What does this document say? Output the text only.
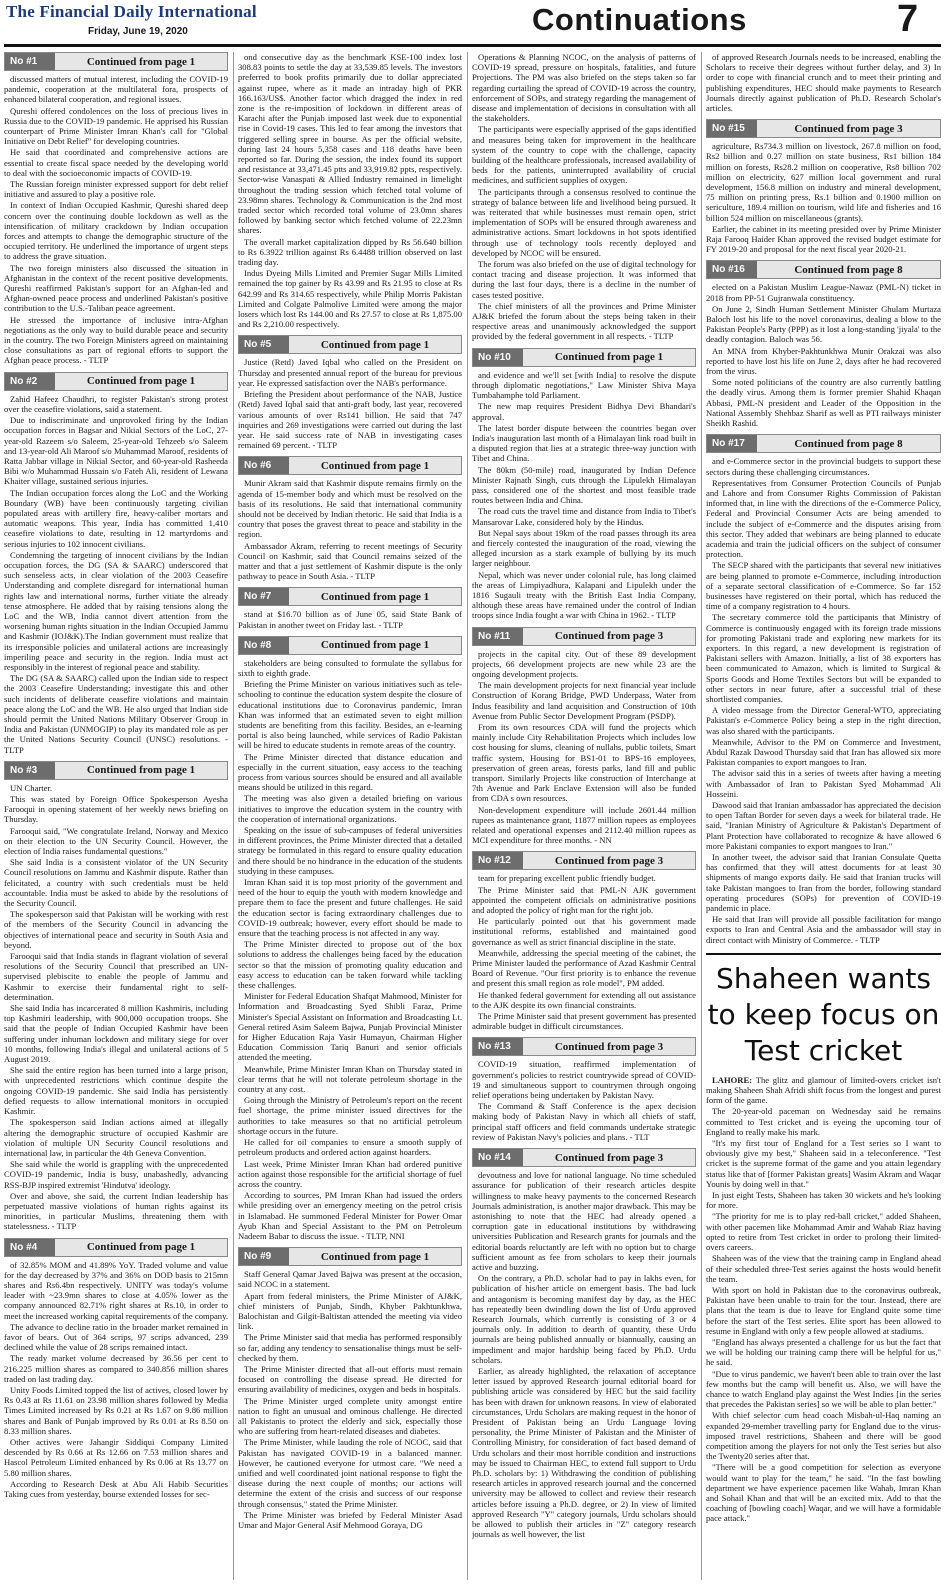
The Financial Daily International
Friday, June 19, 2020	Continuations	7
No #1	Continued from page 1

discussed matters of mutual interest, including the COVID-19 pandemic, cooperation at the multilateral fora, prospects of enhanced bilateral cooperation, and regional issues.

Qureshi offered condolences on the loss of precious lives in Russia due to the COVID-19 pandemic. He apprised his Russian counterpart of Prime Minister Imran Khan's call for "Global Initiative on Debt Relief" for developing countries.

He said that coordinated and comprehensive actions are essential to create fiscal space needed by the developing world to deal with the socioeconomic impacts of COVID-19.

The Russian foreign minister expressed support for debt relief initiative and assured to play a positive role.

In context of Indian Occupied Kashmir, Qureshi shared deep concern over the continuing double lockdown as well as the intensification of military crackdown by Indian occupation forces and attempts to change the demographic structure of the occupied territory. He underlined the importance of urgent steps to address the grave situation.

The two foreign ministers also discussed the situation in Afghanistan in the context of the recent positive developments. Qureshi reaffirmed Pakistan's support for an Afghan-led and Afghan-owned peace process and underlined Pakistan's positive contribution to the U.S.-Taliban peace agreement.

He stressed the importance of inclusive intra-Afghan negotiations as the only way to build durable peace and security in the country. The two Foreign Ministers agreed on maintaining close consultations as part of regional efforts to support the Afghan peace process. - TLTP

No #2	Continued from page 1

Zahid Hafeez Chaudhri, to register Pakistan's strong protest over the ceasefire violations, said a statement.

Due to indiscriminate and unprovoked firing by the Indian occupation forces in Bagsar and Nikial Sectors of the LoC, 27-year-old Razeem s/o Saleem, 25-year-old Tehzeeb s/o Saleem and 13-year-old Ali Maroof s/o Muhammad Maroof, residents of Ratta Jabbar village in Nikial Sector, and 60-year-old Rasheeda Bibi w/o Muhammad Hussain s/o Fateh Ali, resident of Lewana Khaiter village, sustained serious injuries.

The Indian occupation forces along the LoC and the Working Boundary (WB) have been continuously targeting civilian populated areas with artillery fire, heavy-caliber mortars and automatic weapons. This year, India has committed 1,410 ceasefire violations to date, resulting in 12 martyrdoms and serious injuries to 102 innocent civilians.

Condemning the targeting of innocent civilians by the Indian occupation forces, the DG (SA & SAARC) underscored that such senseless acts, in clear violation of the 2003 Ceasefire Understanding and complete disregard for international human rights law and international norms, further vitiate the already tense atmosphere. He added that by raising tensions along the LoC and the WB, India cannot divert attention from the worsening human rights situation in the Indian Occupied Jammu and Kashmir (IOJ&K).The Indian government must realize that its irresponsible policies and unilateral actions are increasingly imperiling peace and security in the region. India must act responsibly in the interest of regional peace and stability.

The DG (SA & SAARC) called upon the Indian side to respect the 2003 Ceasefire Understanding; investigate this and other such incidents of deliberate ceasefire violations and maintain peace along the LoC and the WB. He also urged that Indian side should permit the United Nations Military Observer Group in India and Pakistan (UNMOGIP) to play its mandated role as per the United Nations Security Council (UNSC) resolutions. - TLTP

No #3	Continued from page 1

UN Charter.

This was stated by Foreign Office Spokesperson Ayesha Farooqui in opening statement of her weekly news briefing on Thursday.

Farooqui said, "We congratulate Ireland, Norway and Mexico on their election to the UN Security Council. However, the election of India raises fundamental questions."

She said India is a consistent violator of the UN Security Council resolutions on Jammu and Kashmir dispute. Rather than felicitated, a country with such credentials must be held accountable. India must be asked to abide by the resolutions of the Security Council.

The spokesperson said that Pakistan will be working with rest of the members of the Security Council in advancing the objectives of international peace and security in South Asia and beyond.

Farooqui said that India stands in flagrant violation of several resolutions of the Security Council that prescribed an UN-supervised plebiscite to enable the people of Jammu and Kashmir to exercise their fundamental right to self-determination.

She said India has incarcerated 8 million Kashmiris, including top Kashmiri leadership, with 900,000 occupation troops. She said that the people of Indian Occupied Kashmir have been suffering under inhuman lockdown and military siege for over 10 months, following India's illegal and unilateral actions of 5 August 2019.

She said the entire region has been turned into a large prison, with unprecedented restrictions which continue despite the ongoing COVID-19 pandemic. She said India has persistently defied requests to allow international monitors in occupied Kashmir.

The spokesperson said Indian actions aimed at illegally altering the demographic structure of occupied Kashmir are violation of multiple UN Security Council resolutions and international law, in particular the 4th Geneva Convention.

She said while the world is grappling with the unprecedented COVID-19 pandemic, India is busy, unabashedly, advancing RSS-BJP inspired extremist 'Hindutva' ideology.

Over and above, she said, the current Indian leadership has perpetuated massive violations of human rights against its minorities, in particular Muslims, threatening them with statelessness. - TLTP

No #4	Continued from page 1

of 32.85% MOM and 41.89% YoY. Traded volume and value for the day decreased by 37% and 36% on DOD basis to 215mn shares and Rs6.4bn respectively. UNITY was today's volume leader with ~23.9mn shares to close at 4.05% lower as the company announced 82.71% right shares at Rs.10, in order to meet the increased working capital requirements of the company.

The advance to decline ratio in the broader market remained in favor of bears. Out of 364 scrips, 97 scrips advanced, 239 declined while the value of 28 scrips remained intact.

The ready market volume decreased by 36.56 per cent to 216.225 million shares as compared to 340.856 million shares traded on last trading day.

Unity Foods Limited topped the list of actives, closed lower by Rs 0.43 at Rs 11.61 on 23.98 million shares followed by Media Times Limited increased by Rs 0.21 at Rs 1.67 on 9.86 million shares and Bank of Punjab improved by Rs 0.01 at Rs 8.50 on 8.33 million shares.

Other actives were Jahangir Siddiqui Company Limited descended by Rs 0.66 at Rs 12.66 on 7.53 million shares and Hascol Petroleum Limited enhanced by Rs 0.06 at Rs 13.77 on 5.80 million shares.

According to Research Desk at Abu Ali Habib Securities Taking cues from yesterday, bourse extended losses for sec-

ond consecutive day as the benchmark KSE-100 index lost 308.83 points to settle the day at 33,539.85 levels. The investors preferred to book profits primarily due to dollar appreciated against rupee, where as it made an intraday high of PKR 166.163/US$. Another factor which dragged the index in red zone is the re-imposition of lockdown in different areas of Karachi after the Punjab imposed last week due to exponential rise in Covid-19 cases. This led to fear among the investors that triggered selling spree in bourse. As per the official website, during last 24 hours 5,358 cases and 118 deaths have been reported so far. During the session, the index found its support and resistance at 33,471.45 ptts and 33,919.82 ppts, respectively. Sector-wise Vanaspati & Allied Industry remained in limelight throughout the trading session which fetched total volume of 23.98mn shares. Technology & Communication is the 2nd most traded sector which recorded total volume of 23.0mn shares followed by banking sector which fetched volume of 22.23mn shares.

The overall market capitalization dipped by Rs 56.640 billion to Rs 6.3922 trillion against Rs 6.4488 trillion observed on last trading day.

Indus Dyeing Mills Limited and Premier Sugar Mills Limited remained the top gainer by Rs 43.99 and Rs 21.95 to close at Rs 642.99 and Rs 314.65 respectively, while Philip Morris Pakistan Limited and Colgate Palmolive Limited were among the major losers which lost Rs 144.00 and Rs 27.57 to close at Rs 1,875.00 and Rs 2,210.00 respectively.

No #5	Continued from page 1

Justice (Retd) Javed Iqbal who called on the President on Thursday and presented annual report of the bureau for previous year. He expressed satisfaction over the NAB's performance.

Briefing the President about performance of the NAB, Justice (Retd) Javed Iqbal said that anti-graft body, last year, recovered various amounts of over Rs141 billion. He said that 747 inquiries and 269 investigations were carried out during the last year. He said success rate of NAB in investigating cases remained 69 percent. - TLTP

No #6	Continued from page 1

Munir Akram said that Kashmir dispute remains firmly on the agenda of 15-member body and which must be resolved on the basis of its resolutions. He said that international community should not be deceived by Indian rhetoric. He said that India is a country that poses the gravest threat to peace and stability in the region.

Ambassador Akram, referring to recent meetings of Security Council on Kashmir, said that Council remains seized of the matter and that a just settlement of Kashmir dispute is the only pathway to peace in South Asia. - TLTP

No #7	Continued from page 1

stand at $16.70 billion as of June 05, said State Bank of Pakistan in another tweet on Friday last. - TLTP

No #8	Continued from page 1

stakeholders are being consulted to formulate the syllabus for sixth to eighth grade.

Briefing the Prime Minister on various initiatives such as tele-schooling to continue the education system despite the closure of educational institutions due to Coronavirus pandemic, Imran Khan was informed that an estimated seven to eight million students are benefiting from this facility. Besides, an e-learning portal is also being launched, while services of Radio Pakistan will be hired to educate students in remote areas of the country.

The Prime Minister directed that distance education and especially in the current situation, easy access to the teaching process from various sources should be ensured and all available means should be utilized in this regard.

The meeting was also given a detailed briefing on various initiatives to improve the education system in the country with the cooperation of international organizations.

Speaking on the issue of sub-campuses of federal universities in different provinces, the Prime Minister directed that a detailed strategy be formulated in this regard to ensure quality education and there should be no hindrance in the education of the students studying in these campuses.

Imran Khan said it is top most priority of the government and need of the hour to equip the youth with modern knowledge and prepare them to face the present and future challenges. He said the education sector is facing extraordinary challenges due to COVID-19 outbreak; however, every effort should be made to ensure that the teaching process is not affected in any way.

The Prime Minister directed to propose out of the box solutions to address the challenges being faced by the education sector so that the mission of promoting quality education and easy access to education can be taken forward while tackling these challenges.

Minister for Federal Education Shafqat Mahmood, Minister for Information and Broadcasting Syed Shibli Faraz, Prime Minister's Special Assistant on Information and Broadcasting Lt. General retired Asim Saleem Bajwa, Punjab Provincial Minister for Higher Education Raja Yasir Humayun, Chairman Higher Education Commission Tariq Banuri and senior officials attended the meeting.

Meanwhile, Prime Minister Imran Khan on Thursday stated in clear terms that he will not tolerate petroleum shortage in the country at any cost.

Going through the Ministry of Petroleum's report on the recent fuel shortage, the prime minister issued directives for the authorities to take measures so that no artificial petroleum shortage occurs in the future.

He called for oil companies to ensure a smooth supply of petroleum products and ordered action against hoarders.

Last week, Prime Minister Imran Khan had ordered punitive action against those responsible for the artificial shortage of fuel across the country.

According to sources, PM Imran Khan had issued the orders while presiding over an emergency meeting on the petrol crisis in Islamabad. He summoned Federal Minister for Power Omar Ayub Khan and Special Assistant to the PM on Petroleum Nadeem Babar to discuss the issue. - TLTP, NNI

No #9	Continued from page 1

Staff General Qamar Javed Bajwa was present at the occasion, said NCOC in a statement.

Apart from federal ministers, the Prime Minister of AJ&K, chief ministers of Punjab, Sindh, Khyber Pakhtunkhwa, Balochistan and Gilgit-Baltistan attended the meeting via video link.

The Prime Minister said that media has performed responsibly so far, adding any tendency to sensationalise things must be self-checked by them.

The Prime Minister directed that all-out efforts must remain focused on controlling the disease spread. He directed for ensuring availability of medicines, oxygen and beds in hospitals.

The Prime Minister urged complete unity amongst entire nation to fight an unusual and ominous challenge. He directed all Pakistanis to protect the elderly and sick, especially those who are suffering from heart-related diseases and diabetes.

The Prime Minister, while lauding the role of NCOC, said that Pakistan has navigated COVID-19 in a balanced manner. However, he cautioned everyone for utmost care. "We need a unified and well coordinated joint national response to fight the disease during the next couple of months; our actions will determine the extent of the crisis and success of our response through consensus," stated the Prime Minister.

The Prime Minister was briefed by Federal Minister Asad Umar and Major General Asif Mehmood Goraya, DG

Operations & Planning NCOC, on the analysis of patterns of COVID-19 spread, pressure on hospitals, fatalities, and future Projections. The PM was also briefed on the steps taken so far regarding curtailing the spread of COVID-19 across the country, enforcement of SOPs, and strategy regarding the management of disease and implementation of decisions in consultation with all the stakeholders.

The participants were especially apprised of the gaps identified and measures being taken for improvement in the healthcare system of the country to cope with the challenge, capacity building of the healthcare professionals, increased availability of beds for the patients, uninterrupted availability of crucial medicines, and sufficient supplies of oxygen.

The participants through a consensus resolved to continue the strategy of balance between life and livelihood being pursued. It was reiterated that while businesses must remain open, strict implementation of SOPs will be ensured through awareness and administrative actions. Smart lockdowns in hot spots identified through use of technology tools recently deployed and developed by NCOC will be ensured.

The forum was also briefed on the use of digital technology for contact tracing and disease projection. It was informed that during the last four days, there is a decline in the number of cases tested positive.

The chief ministers of all the provinces and Prime Minister AJ&K briefed the forum about the steps being taken in their respective areas and unanimously acknowledged the support provided by the federal government in all respects. - TLTP

No #10	Continued from page 1

and evidence and we'll set [with India] to resolve the dispute through diplomatic negotiations," Law Minister Shiva Maya Tumbahamphe told Parliament.

The new map requires President Bidhya Devi Bhandari's approval.

The latest border dispute between the countries began over India's inauguration last month of a Himalayan link road built in a disputed region that lies at a strategic three-way junction with Tibet and China.

The 80km (50-mile) road, inaugurated by Indian Defence Minister Rajnath Singh, cuts through the Lipulekh Himalayan pass, considered one of the shortest and most feasible trade routes between India and China.

The road cuts the travel time and distance from India to Tibet's Mansarovar Lake, considered holy by the Hindus.

But Nepal says about 19km of the road passes through its area and fiercely contested the inauguration of the road, viewing the alleged incursion as a stark example of bullying by its much larger neighbour.

Nepal, which was never under colonial rule, has long claimed the areas of Limpiyadhura, Kalapani and Lipulekh under the 1816 Sugauli treaty with the British East India Company, although these areas have remained under the control of Indian troops since India fought a war with China in 1962. - TLTP

No #11	Continued from page 3

projects in the capital city. Out of these 89 development projects, 66 development projects are new while 23 are the ongoing development projects.

The main development projects for next financial year include Construction of Korang Bridge, PWD Underpass, Water from Indus feasibility and land acquisition and Construction of 10th Avenue from Public Sector Development Program (PSDP).

From its own resources CDA will fund the projects which mainly include City Rehabilitation Projects which includes low cost housing for slums, cleaning of nullahs, public toilets, Smart traffic system, Housing for BS1-01 to BPS-16 employees, preservation of green areas, forests parks, land fill and public transport. Similarly Projects like construction of Interchange at 7th Avenue and Park Enclave Extension will also be funded from CDA s own resources.

Non-development expenditure will include 2601.44 million rupees as maintenance grant, 11877 million rupees as employees related and operational expenses and 2112.40 million rupees as MCI expenditure for three months. - NN

No #12	Continued from page 3

team for preparing excellent public friendly budget.

The Prime Minister said that PML-N AJK government appointed the competent officials on administrative positions and adopted the policy of right man for the right job.

He particularly pointed out that his government made institutional reforms, established and maintained good governance as well as strict financial discipline in the state.

Meanwhile, addressing the special meeting of the cabinet, the Prime Minister lauded the performance of Azad Kashmir Central Board of Revenue. "Our first priority is to enhance the revenue and present this small region as role model", PM added.

He thanked federal government for extending all out assistance to the AJK despite its own financial constraints.

The Prime Minister said that present government has presented admirable budget in difficult circumstances.

No #13	Continued from page 3

COVID-19 situation, reaffirmed implementation of government's policies to restrict countrywide spread of COVID-19 and simultaneous support to countrymen through ongoing relief operations being undertaken by Pakistan Navy.

The Command & Staff Conference is the apex decision making body of Pakistan Navy in which all chiefs of staff, principal staff officers and field commands undertake strategic review of Pakistan Navy's policies and plans. - TLT

No #14	Continued from page 3

devoutness and love for national language. No time scheduled assurance for publication of their research articles despite willingness to make heavy payments to the concerned Research Journals administration, is another major drawback. This may be astonishing to note that the HEC had already opened a corruption gate in educational institutions by withdrawing universities Publication and Research grants for journals and the editorial boards reluctantly are left with no option but to charge sufficient amount as fee from scholars to keep their journals active and buzzing.

On the contrary, a Ph.D. scholar had to pay in lakhs even, for publication of his/her article on emergent basis. The bad luck and antagonism is becoming manifest day by day, as the HEC has repeatedly been dwindling down the list of Urdu approved Research Journals, which currently is consisting of 3 or 4 journals only. In addition to dearth of quantity, these Urdu journals are being published annually or biannually, causing an impediment and major hardship being faced by Ph.D. Urdu scholars.

Earlier, as already highlighted, the relaxation of acceptance letter issued by approved Research journal editorial board for publishing article was considered by HEC but the said facility has been with drawn for unknown reasons. In view of elaborated circumstances, Urdu Scholars are making request in the honor of President of Pakistan being an Urdu Language loving personality, the Prime Minister of Pakistan and the Minister of Controlling Ministry, for consideration of fact based demand of Urdu scholars and their most horrible condition and instructions may be issued to Chairman HEC, to extend full support to Urdu Ph.D. scholars by: 1) Withdrawing the condition of publishing research articles in approved research journal and the concerned university may be allowed to collect and review their research articles before issuing a Ph.D. degree, or 2) In view of limited approved Research "Y" category journals, Urdu scholars should be allowed to publish their articles in "Z" category research journals as well however, the list

of approved Research Journals needs to be increased, enabling the Scholars to receive their degrees without further delay, and 3) In order to cope with financial crunch and to meet their printing and publishing expenditures, HEC should make payments to Research Journals directly against publication of Ph.D. Research Scholar's articles.

No #15	Continued from page 3

agriculture, Rs734.3 million on livestock, 267.8 million on food, Rs2 billion and 0.27 million on state business, Rs1 billion 184 million on forests, Rs28.2 million on cooperative, Rs8 billion 702 million on electricity, 627 million local government and rural development, 156.8 million on industry and mineral development, 75 million on printing press, Rs.1 billion and 0.1900 million on sericulture, 189.4 million on tourism, wild life and fisheries and 16 billion 524 million on miscellaneous (grants).

Earlier, the cabinet in its meeting presided over by Prime Minister Raja Farooq Haider Khan approved the revised budget estimate for FY 2019-20 and proposal for the next fiscal year 2020-21.

No #16	Continued from page 8

elected on a Pakistan Muslim League-Nawaz (PML-N) ticket in 2018 from PP-51 Gujranwala constituency.

On June 2, Sindh Human Settlement Minister Ghulam Murtaza Baloch lost his life to the novel coronavirus, dealing a blow to the Pakistan People's Party (PPP) as it lost a long-standing 'jiyala' to the deadly contagion. Baloch was 56.

An MNA from Khyber-Pakhtunkhwa Munir Orakzai was also reported to have lost his life on June 2, days after he had recovered from the virus.

Some noted politicians of the country are also currently battling the deadly virus. Among them is former premier Shahid Khaqan Abbasi, PML-N president and Leader of the Opposition in the National Assembly Shehbaz Sharif as well as PTI railways minister Sheikh Rashid.

No #17	Continued from page 8

and e-Commerce sector in the provincial budgets to support these sectors during these challenging circumstances.

Representatives from Consumer Protection Councils of Punjab and Lahore and from Consumer Rights Commission of Pakistan informed that, in line with the directions of the e-Commerce Policy, Federal and Provincial Consumer Acts are being amended to include the subject of e-Commerce and the disputes arising from this sector. They added that webinars are being planned to educate academia and train the judicial officers on the subject of consumer protection.

The SECP shared with the participants that several new initiatives are being planned to promote e-Commerce, including introduction of a separate sectoral classification of e-Commerce. So far 152 businesses have registered on their portal, which has reduced the time of a company registration to 4 hours.

The secretary commerce told the participants that Ministry of Commerce is continuously engaged with its foreign trade missions for promoting Pakistani trade and exploring new markets for its exporters. In this regard, a new development is registration of Pakistani sellers with Amazon. Initially, a list of 38 exporters has been communicated to Amazon, which is limited to Surgical & Sports Goods and Home Textiles Sectors but will be expanded to other sectors in near future, after a successful trial of these shortlisted companies.

A video message from the Director General-WTO, appreciating Pakistan's e-Commerce Policy being a step in the right direction, was also shared with the participants.

Meanwhile, Advisor to the PM on Commerce and Investment, Abdul Razak Dawood Thursday said that Iran has allowed six more Pakistan companies to export mangoes to Iran.

The advisor said this in a series of tweets after having a meeting with Ambassador of Iran to Pakistan Syed Mohammad Ali Hosseini.

Dawood said that Iranian ambassador has appreciated the decision to open Taftan Border for seven days a week for bilateral trade. He said, "Iranian Ministry of Agriculture & Pakistan's Department of Plant Protection have collaborated to recognize & have allowed 6 more Pakistani companies to export mangoes to Iran."

In another tweet, the advisor said that Iranian Consulate Quetta has confirmed that they will attest documents for at least 30 shipments of mango exports daily. He said that Iranian trucks will take Pakistan mangoes to Iran from the border, following standard operating procedures (SOPs) for prevention of COVID-19 pandemic in place.

He said that Iran will provide all possible facilitation for mango exports to Iran and Central Asia and the ambassador will stay in direct contact with Ministry of Commerce. - TLTP

Shaheen wants to keep focus on Test cricket

LAHORE: The glitz and glamour of limited-overs cricket isn't making Shaheen Shah Afridi shift focus from the longest and purest form of the game.

The 20-year-old paceman on Wednesday said he remains committed to Test cricket and is eyeing the upcoming tour of England to really make his mark.

"It's my first tour of England for a Test series so I want to obviously give my best," Shaheen said in a teleconference. "Test cricket is the supreme format of the game and you attain legendary status like that of [former Pakistan greats] Wasim Akram and Waqar Younis by doing well in that."

In just eight Tests, Shaheen has taken 30 wickets and he's looking for more.

"The priority for me is to play red-ball cricket," added Shaheen, with other pacemen like Mohammad Amir and Wahab Riaz having opted to retire from Test cricket in order to prolong their limited-overs careers.

Shaheen was of the view that the training camp in England ahead of their scheduled three-Test series against the hosts would benefit the team.

With sport on hold in Pakistan due to the coronavirus outbreak, Pakistan have been unable to train for the tour. Instead, there are plans that the team is due to leave for England quite some time before the start of the Test series. Elite sport has been allowed to resume in England with only a few people allowed at stadiums.

"England has always presented a challenge for us but the fact that we will be holding our training camp there will be helpful for us," he said.

"Due to virus pandemic, we haven't been able to train over the last few months but the camp will benefit us. Also, we will have the chance to watch England play against the West Indies [in the series that precedes the Pakistan series] so we will be able to plan better."

With chief selector cum head coach Misbah-ul-Haq naming an expanded 29-member travelling party for England due to the virus-imposed travel restrictions, Shaheen and there will be good competition among the players for not only the Test series but also the Twenty20 series after that.

"There will be a good competition for selection as everyone would want to play for the team," he said. "In the fast bowling department we have experience pacemen like Wahab, Imran Khan and Sohail Khan and that will be an excited mix. Add to that the coaching of [bowling coach] Waqar, and we will have a formidable pace attack."
